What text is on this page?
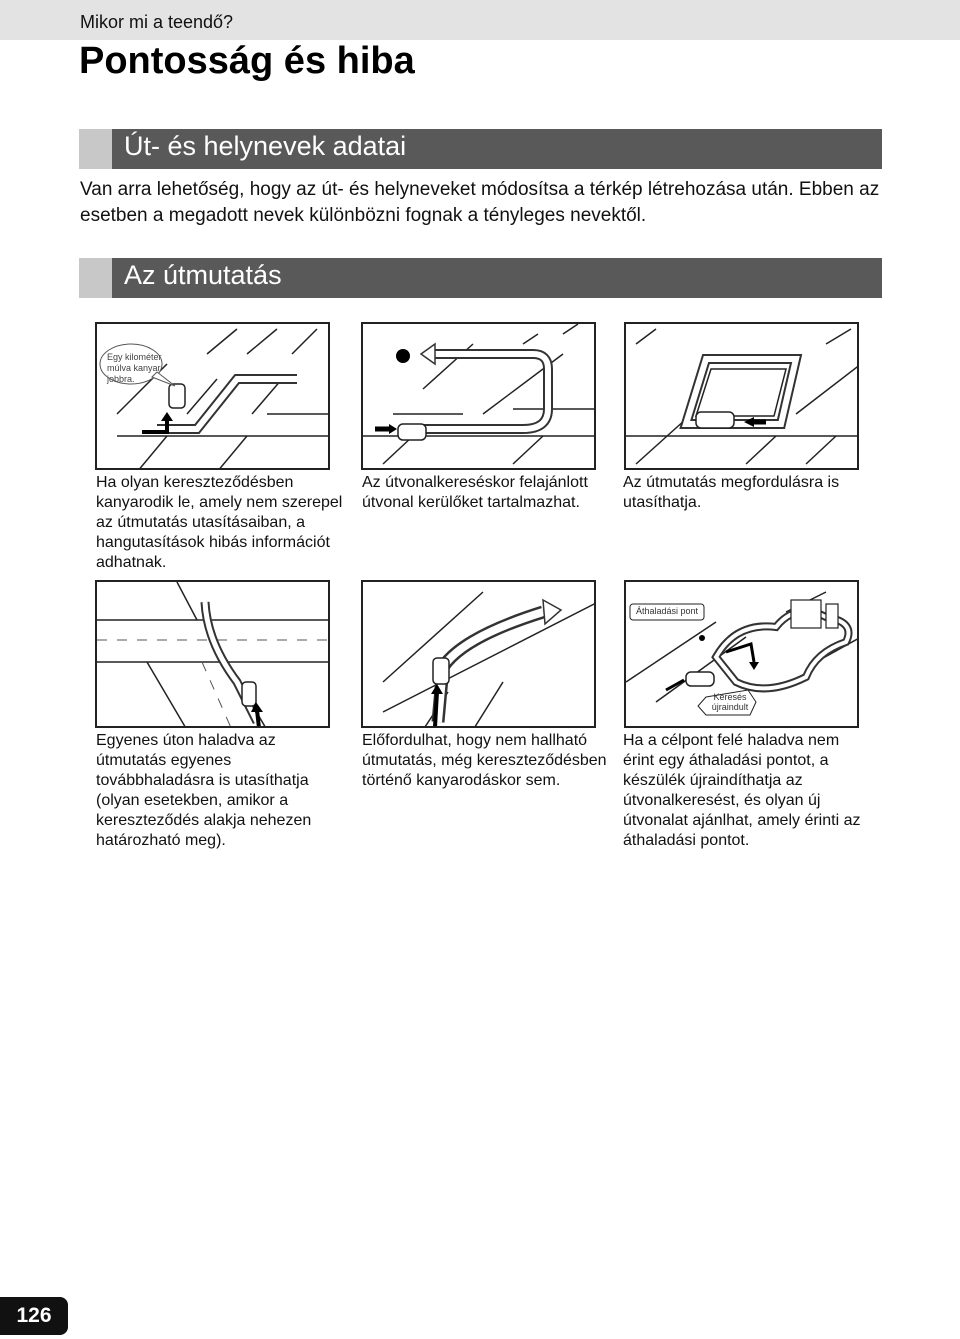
Mikor mi a teendő?
Pontosság és hiba
Út- és helynevek adatai
Van arra lehetőség, hogy az út- és helyneveket módosítsa a térkép létrehozása után. Ebben az esetben a megadott nevek különbözni fognak a tényleges nevektől.
Az útmutatás
Egy kilométer múlva kanyar jobbra.
Ha olyan kereszteződésben kanyarodik le, amely nem szerepel az útmutatás utasításaiban, a hangutasítások hibás információt adhatnak.
Az útvonalkereséskor felajánlott útvonal kerülőket tartalmazhat.
Az útmutatás megfordulásra is utasíthatja.
Egyenes úton haladva az útmutatás egyenes továbbhaladásra is utasíthatja (olyan esetekben, amikor a kereszteződés alakja nehezen határozható meg).
Előfordulhat, hogy nem hallható útmutatás, még kereszteződésben történő kanyarodáskor sem.
Áthaladási pont
Keresés
újraindult
Ha a célpont felé haladva nem érint egy áthaladási pontot, a készülék újraindíthatja az útvonalkeresést, és olyan új útvonalat ajánlhat, amely érinti az áthaladási pontot.
126
